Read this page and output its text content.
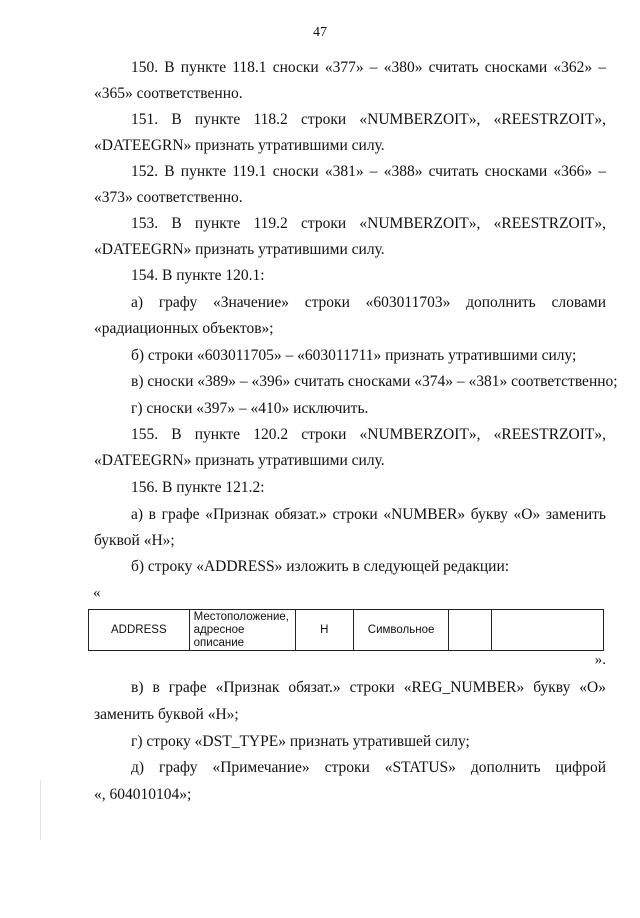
47
150. В пункте 118.1 сноски «377» – «380» считать сносками «362» –
«365» соответственно.
151. В пункте 118.2 строки «NUMBERZOIT», «REESTRZOIT»,
«DATEEGRN» признать утратившими силу.
152. В пункте 119.1 сноски «381» – «388» считать сносками «366» –
«373» соответственно.
153. В пункте 119.2 строки «NUMBERZOIT», «REESTRZOIT»,
«DATEEGRN» признать утратившими силу.
154. В пункте 120.1:
а) графу «Значение» строки «603011703» дополнить словами
«радиационных объектов»;
б) строки «603011705» – «603011711» признать утратившими силу;
в) сноски «389» – «396» считать сносками «374» – «381» соответственно;
г) сноски «397» – «410» исключить.
155. В пункте 120.2 строки «NUMBERZOIT», «REESTRZOIT»,
«DATEEGRN» признать утратившими силу.
156. В пункте 121.2:
а) в графе «Признак обязат.» строки «NUMBER» букву «О» заменить
буквой «Н»;
б) строку «ADDRESS» изложить в следующей редакции:
«
ADDRESS	Местоположение, адресное описание	Н	Символьное		
».
в) в графе «Признак обязат.» строки «REG_NUMBER» букву «О»
заменить буквой «Н»;
г) строку «DST_TYPE» признать утратившей силу;
д) графу «Примечание» строки «STATUS» дополнить цифрой
«, 604010104»;
